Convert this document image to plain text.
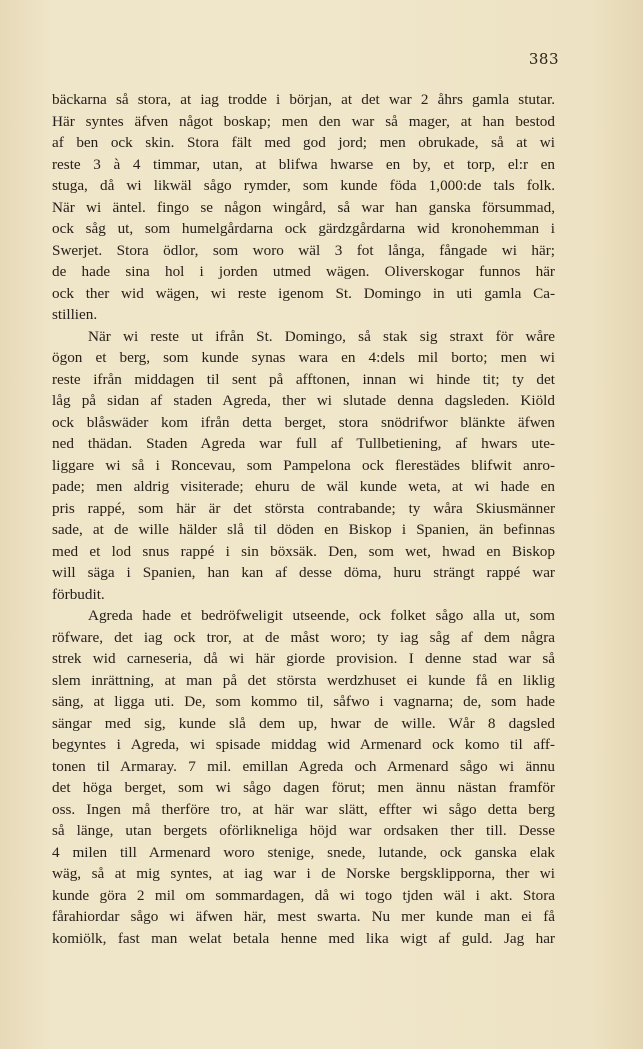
383
bäckarna så stora, at iag trodde i början, at det war 2 åhrs gamla stutar.
Här syntes äfven något boskap; men den war så mager, at han bestod
af ben ock skin. Stora fält med god jord; men obrukade, så at wi
reste 3 à 4 timmar, utan, at blifwa hwarse en by, et torp, el:r en
stuga, då wi likwäl sågo rymder, som kunde föda 1,000:de tals folk.
När wi äntel. fingo se någon wingård, så war han ganska försummad,
ock såg ut, som humelgårdarna ock gärdzgårdarna wid kronohemman i
Swerjet. Stora ödlor, som woro wäl 3 fot långa, fångade wi här;
de hade sina hol i jorden utmed wägen. Oliverskogar funnos här
ock ther wid wägen, wi reste igenom St. Domingo in uti gamla Ca-
stillien.
När wi reste ut ifrån St. Domingo, så stak sig straxt för wåre
ögon et berg, som kunde synas wara en 4:dels mil borto; men wi
reste ifrån middagen til sent på afftonen, innan wi hinde tit; ty det
låg på sidan af staden Agreda, ther wi slutade denna dagsleden. Kiöld
ock blåswäder kom ifrån detta berget, stora snödrifwor blänkte äfwen
ned thädan. Staden Agreda war full af Tullbetiening, af hwars ute-
liggare wi så i Roncevau, som Pampelona ock flerestädes blifwit anro-
pade; men aldrig visiterade; ehuru de wäl kunde weta, at wi hade en
pris rappé, som här är det största contrabande; ty wåra Skiusmänner
sade, at de wille hälder slå til döden en Biskop i Spanien, än befinnas
med et lod snus rappé i sin böxsäk. Den, som wet, hwad en Biskop
will säga i Spanien, han kan af desse döma, huru strängt rappé war
förbudit.
Agreda hade et bedröfweligit utseende, ock folket sågo alla ut, som
röfware, det iag ock tror, at de måst woro; ty iag såg af dem några
strek wid carneseria, då wi här giorde provision. I denne stad war så
slem inrättning, at man på det största werdzhuset ei kunde få en liklig
säng, at ligga uti. De, som kommo til, såfwo i vagnarna; de, som hade
sängar med sig, kunde slå dem up, hwar de wille. Wår 8 dagsled
begyntes i Agreda, wi spisade middag wid Armenard ock komo til aff-
tonen til Armaray. 7 mil. emillan Agreda och Armenard sågo wi ännu
det höga berget, som wi sågo dagen förut; men ännu nästan framför
oss. Ingen må therföre tro, at här war slätt, effter wi sågo detta berg
så länge, utan bergets oförlikneliga höjd war ordsaken ther till. Desse
4 milen till Armenard woro stenige, snede, lutande, ock ganska elak
wäg, så at mig syntes, at iag war i de Norske bergsklipporna, ther wi
kunde göra 2 mil om sommardagen, då wi togo tjden wäl i akt. Stora
fårahiordar sågo wi äfwen här, mest swarta. Nu mer kunde man ei få
komiölk, fast man welat betala henne med lika wigt af guld. Jag har
